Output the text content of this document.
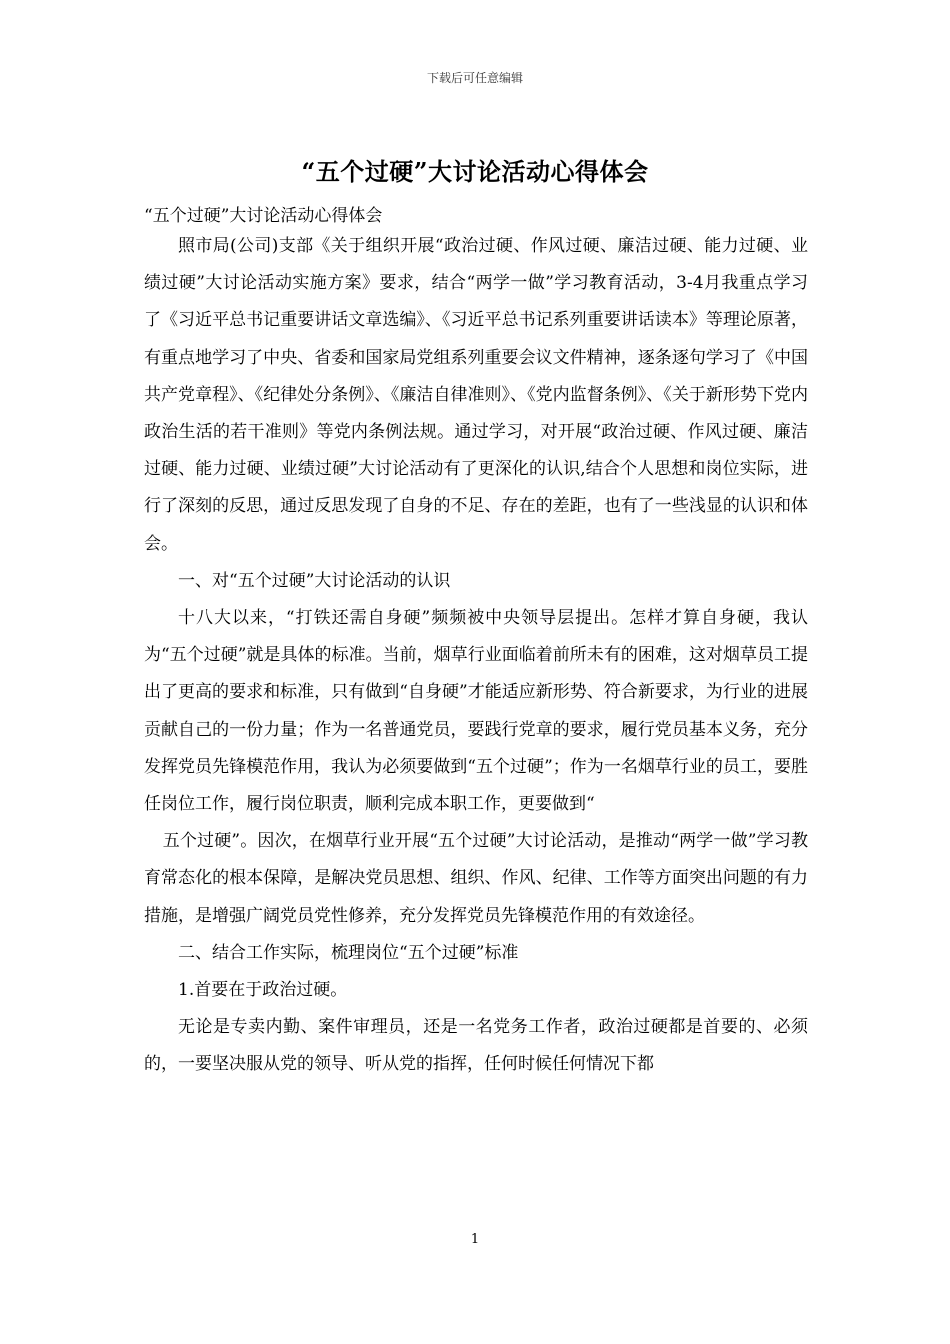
下载后可任意编辑
“五个过硬”大讨论活动心得体会
“五个过硬”大讨论活动心得体会

照市局(公司)支部《关于组织开展“政治过硬、作风过硬、廉洁过硬、能力过硬、业绩过硬”大讨论活动实施方案》要求，结合“两学一做”学习教育活动，3-4月我重点学习了《习近平总书记重要讲话文章选编》、《习近平总书记系列重要讲话读本》等理论原著，有重点地学习了中央、省委和国家局党组系列重要会议文件精神，逐条逐句学习了《中国共产党章程》、《纪律处分条例》、《廉洁自律准则》、《党内监督条例》、《关于新形势下党内政治生活的若干准则》等党内条例法规。通过学习，对开展“政治过硬、作风过硬、廉洁过硬、能力过硬、业绩过硬”大讨论活动有了更深化的认识,结合个人思想和岗位实际，进行了深刻的反思，通过反思发现了自身的不足、存在的差距，也有了一些浅显的认识和体会。

一、对“五个过硬”大讨论活动的认识

十八大以来，“打铁还需自身硬”频频被中央领导层提出。怎样才算自身硬，我认为“五个过硬”就是具体的标准。当前，烟草行业面临着前所未有的困难，这对烟草员工提出了更高的要求和标准，只有做到“自身硬”才能适应新形势、符合新要求，为行业的进展贡献自己的一份力量；作为一名普通党员，要践行党章的要求，履行党员基本义务，充分发挥党员先锋模范作用，我认为必须要做到“五个过硬”；作为一名烟草行业的员工，要胜任岗位工作，履行岗位职责，顺利完成本职工作，更要做到“

五个过硬”。因次，在烟草行业开展“五个过硬”大讨论活动，是推动“两学一做”学习教育常态化的根本保障，是解决党员思想、组织、作风、纪律、工作等方面突出问题的有力措施，是增强广阔党员党性修养，充分发挥党员先锋模范作用的有效途径。

二、结合工作实际，梳理岗位“五个过硬”标准

1.首要在于政治过硬。

无论是专卖内勤、案件审理员，还是一名党务工作者，政治过硬都是首要的、必须的，一要坚决服从党的领导、听从党的指挥，任何时候任何情况下都

1
